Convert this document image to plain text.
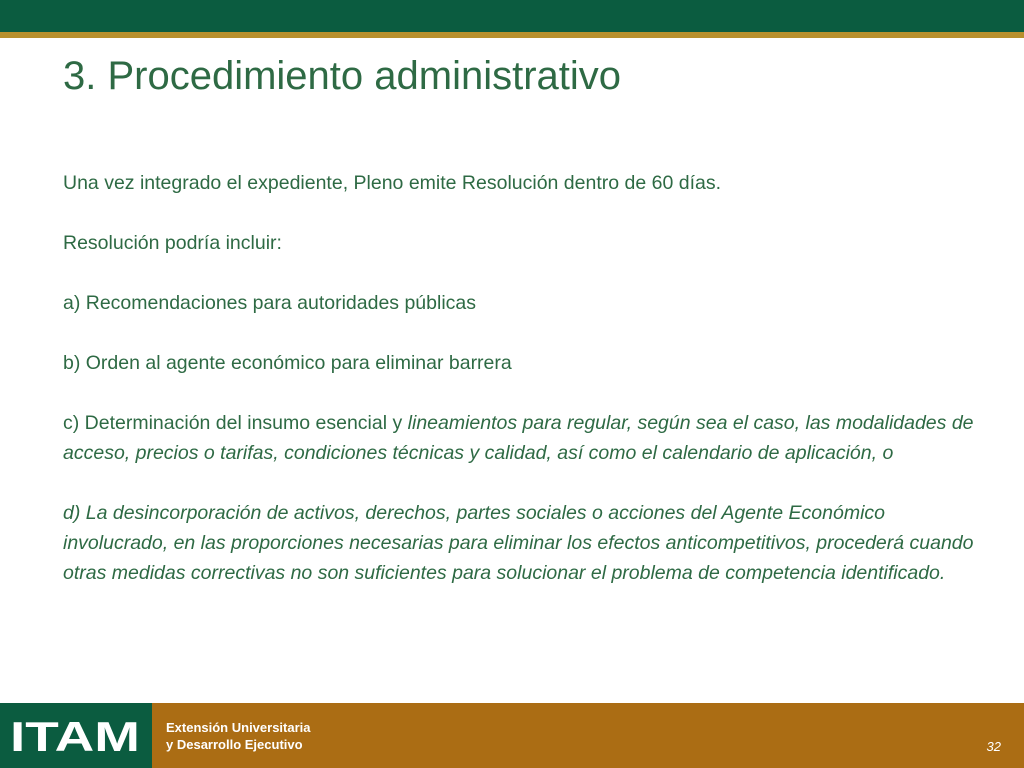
3. Procedimiento administrativo

Una vez integrado el expediente, Pleno emite Resolución dentro de 60 días.

Resolución podría incluir:

a) Recomendaciones para autoridades públicas

b) Orden al agente económico para eliminar barrera

c) Determinación del insumo esencial y lineamientos para regular, según sea el caso, las modalidades de acceso, precios o tarifas, condiciones técnicas y calidad, así como el calendario de aplicación, o

d) La desincorporación de activos, derechos, partes sociales o acciones del Agente Económico involucrado, en las proporciones necesarias para eliminar los efectos anticompetitivos, procederá cuando otras medidas correctivas no son suficientes para solucionar el problema de competencia identificado.

ITAM Extensión Universitaria
y Desarrollo Ejecutivo	32
